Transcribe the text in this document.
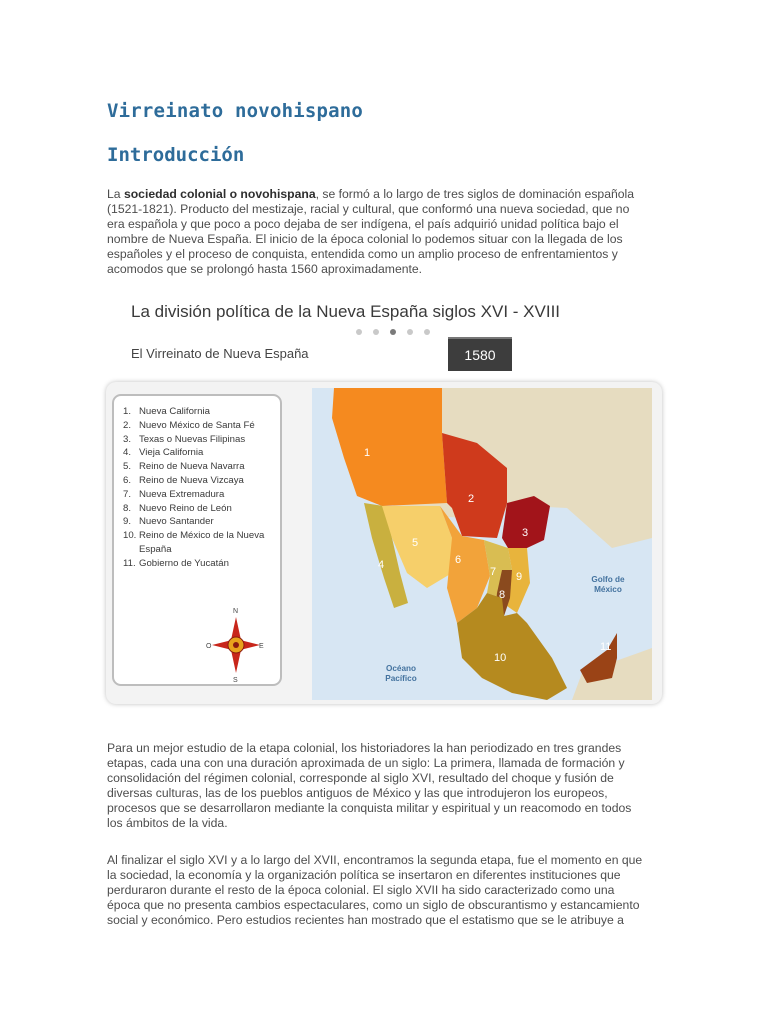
Virreinato novohispano
Introducción

La sociedad colonial o novohispana, se formó a lo largo de tres siglos de dominación española (1521-1821). Producto del mestizaje, racial y cultural, que conformó una nueva sociedad, que no era española y que poco a poco dejaba de ser indígena, el país adquirió unidad política bajo el nombre de Nueva España. El inicio de la época colonial lo podemos situar con la llegada de los españoles y el proceso de conquista, entendida como un amplio proceso de enfrentamientos y acomodos que se prolongó hasta 1560 aproximadamente.

La división política de la Nueva España siglos XVI - XVIII

El Virreinato de Nueva España	1580
1
2
3
4
5
6
7
8
9
10
11
1. Nueva California
2. Nuevo México de Santa Fé
3. Texas o Nuevas Filipinas
4. Vieja California
5. Reino de Nueva Navarra
6. Reino de Nueva Vizcaya
7. Nueva Extremadura
8. Nuevo Reino de León
9. Nuevo Santander
10. Reino de México de la Nueva España
11. Gobierno de Yucatán
N
S
O	E
Golfo de México
Océano Pacífico

Para un mejor estudio de la etapa colonial, los historiadores la han periodizado en tres grandes etapas, cada una con una duración aproximada de un siglo: La primera, llamada de formación y consolidación del régimen colonial, corresponde al siglo XVI, resultado del choque y fusión de diversas culturas, las de los pueblos antiguos de México y las que introdujeron los europeos, procesos que se desarrollaron mediante la conquista militar y espiritual y un reacomodo en todos los ámbitos de la vida.

Al finalizar el siglo XVI y a lo largo del XVII, encontramos la segunda etapa, fue el momento en que la sociedad, la economía y la organización política se insertaron en diferentes instituciones que perduraron durante el resto de la época colonial. El siglo XVII ha sido caracterizado como una época que no presenta cambios espectaculares, como un siglo de obscurantismo y estancamiento social y económico. Pero estudios recientes han mostrado que el estatismo que se le atribuye a
